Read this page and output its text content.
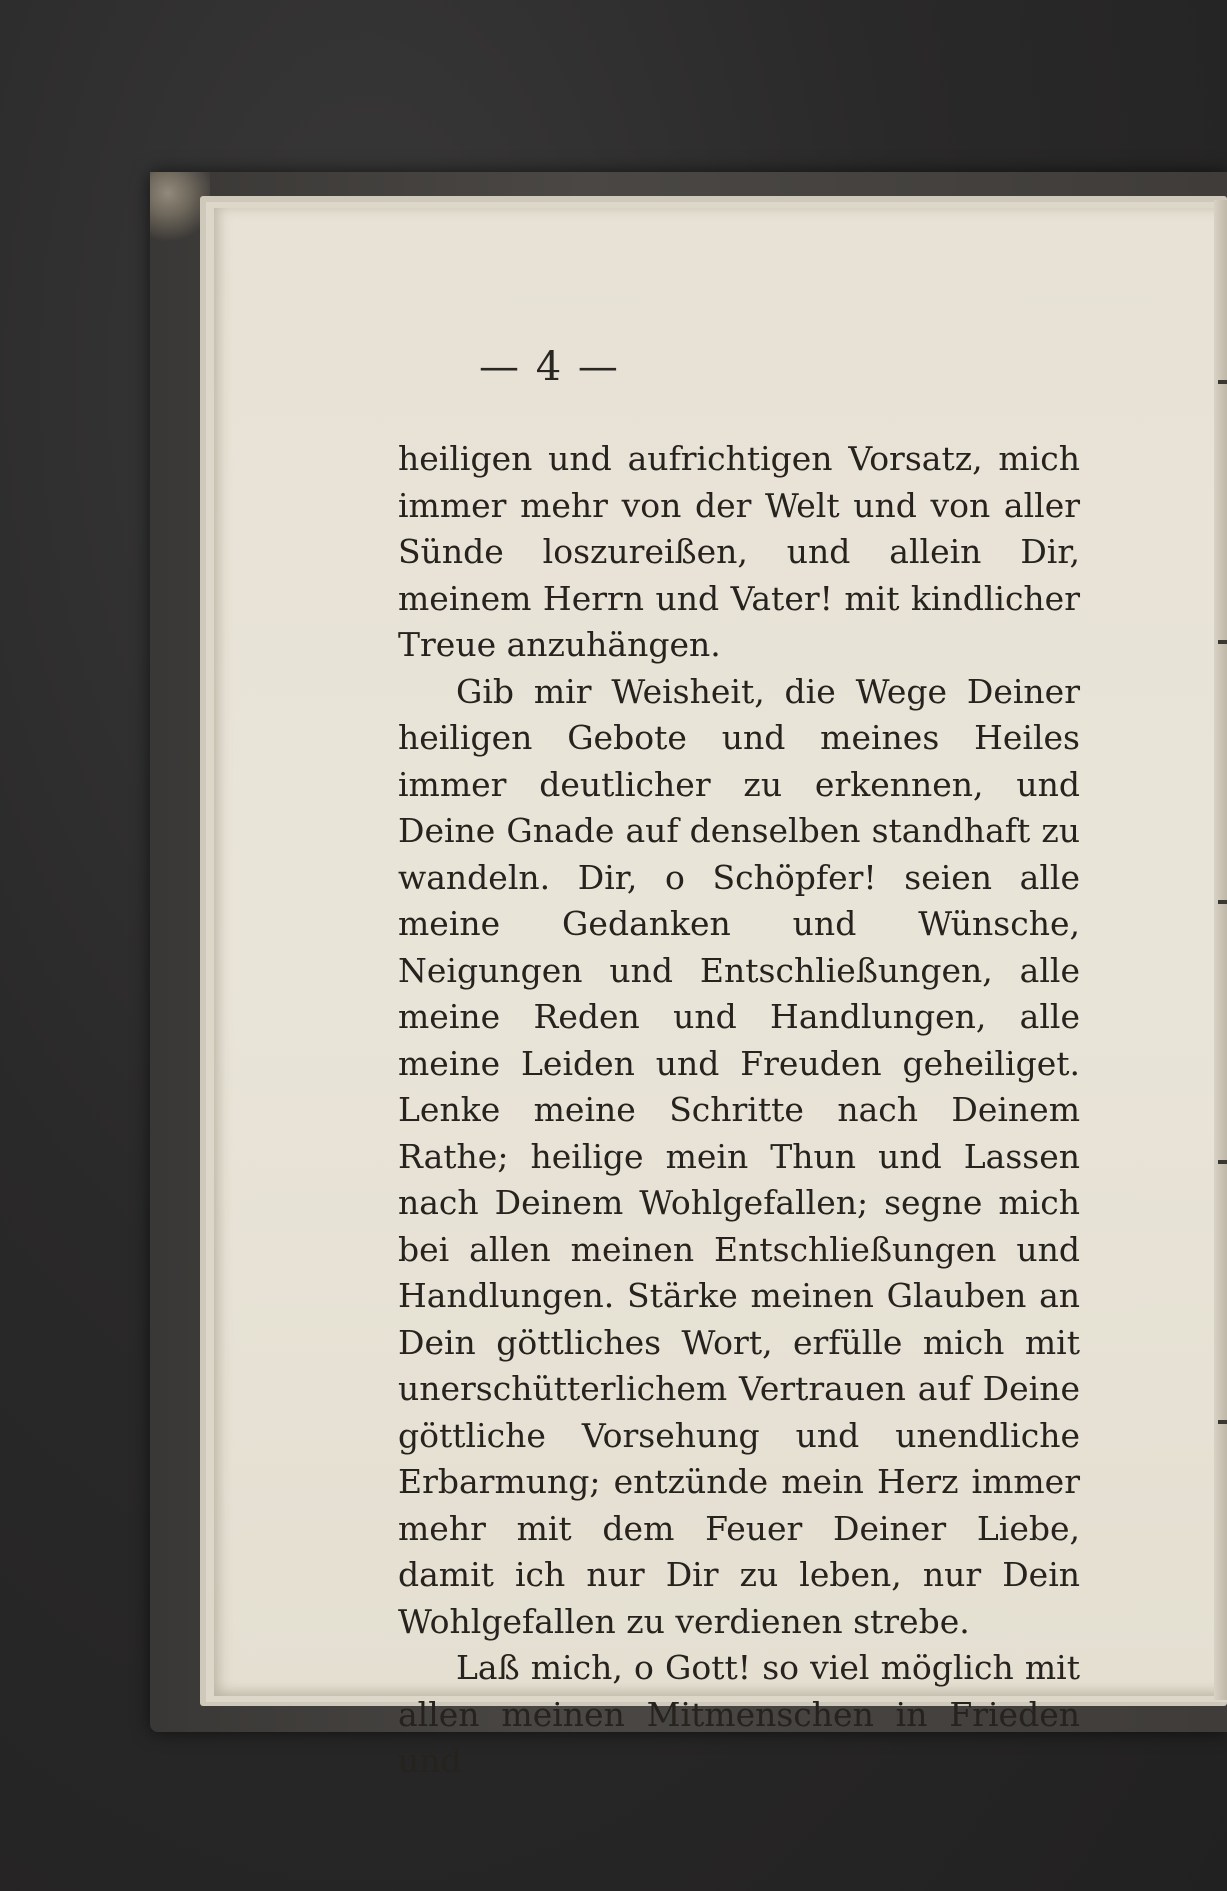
— 4 —

heiligen und aufrichtigen Vorsatz, mich immer mehr von der Welt und von aller Sünde loszureißen, und allein Dir, meinem Herrn und Vater! mit kindlicher Treue anzuhängen.

Gib mir Weisheit, die Wege Deiner heiligen Gebote und meines Heiles immer deutlicher zu erkennen, und Deine Gnade auf denselben standhaft zu wandeln. Dir, o Schöpfer! seien alle meine Gedanken und Wünsche, Neigungen und Entschließungen, alle meine Reden und Handlungen, alle meine Leiden und Freuden geheiliget. Lenke meine Schritte nach Deinem Rathe; heilige mein Thun und Lassen nach Deinem Wohlgefallen; segne mich bei allen meinen Entschließungen und Handlungen. Stärke meinen Glauben an Dein göttliches Wort, erfülle mich mit unerschütterlichem Vertrauen auf Deine göttliche Vorsehung und unendliche Erbarmung; entzünde mein Herz immer mehr mit dem Feuer Deiner Liebe, damit ich nur Dir zu leben, nur Dein Wohlgefallen zu verdienen strebe.

Laß mich, o Gott! so viel möglich mit allen meinen Mitmenschen in Frieden und
